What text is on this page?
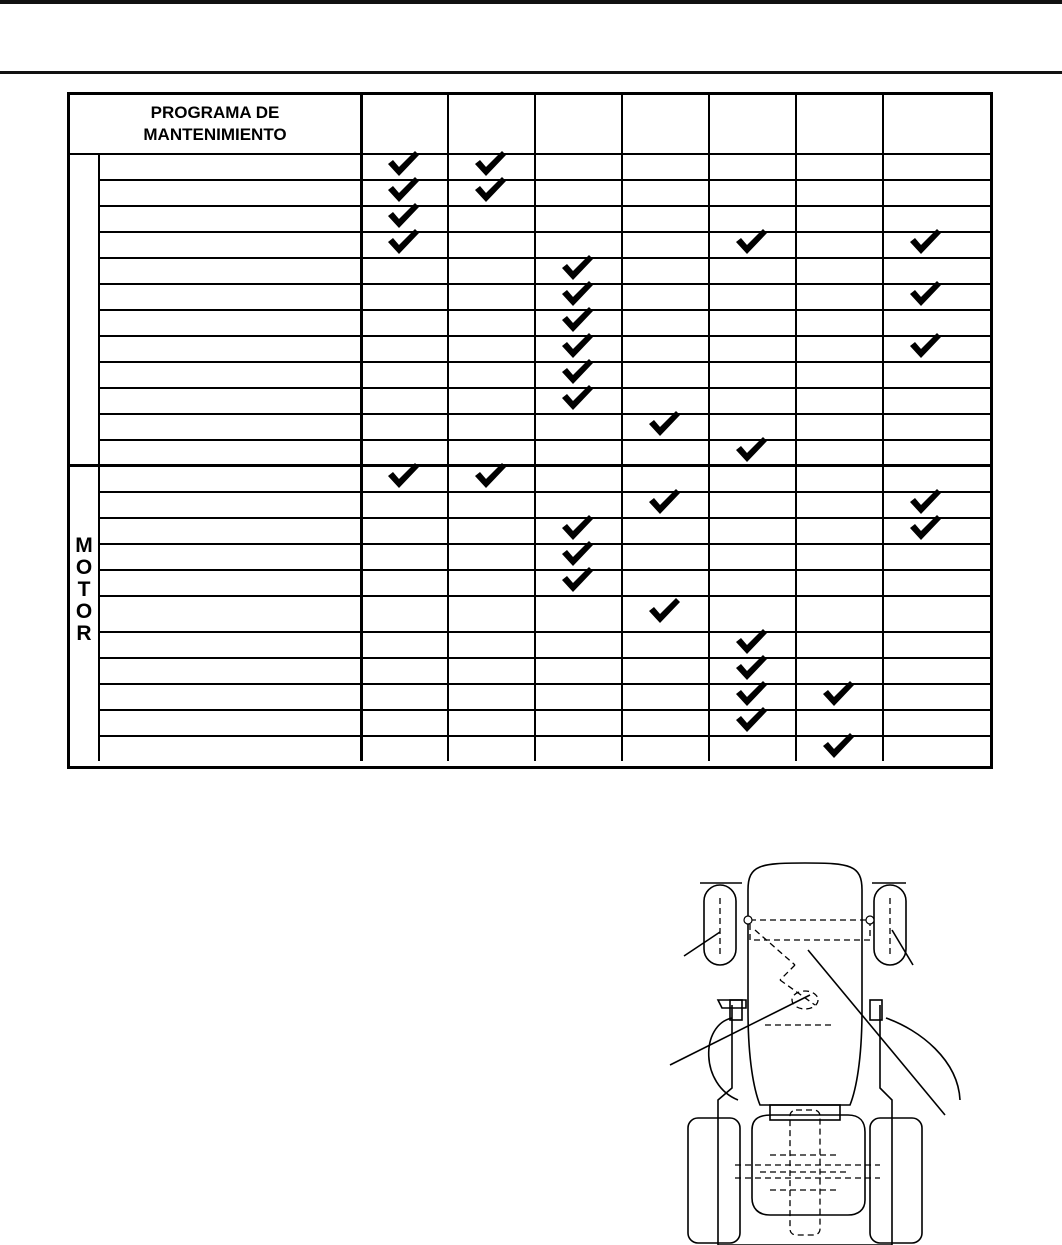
PROGRAMA DE
MANTENIMIENTO
M
O
T
O
R
